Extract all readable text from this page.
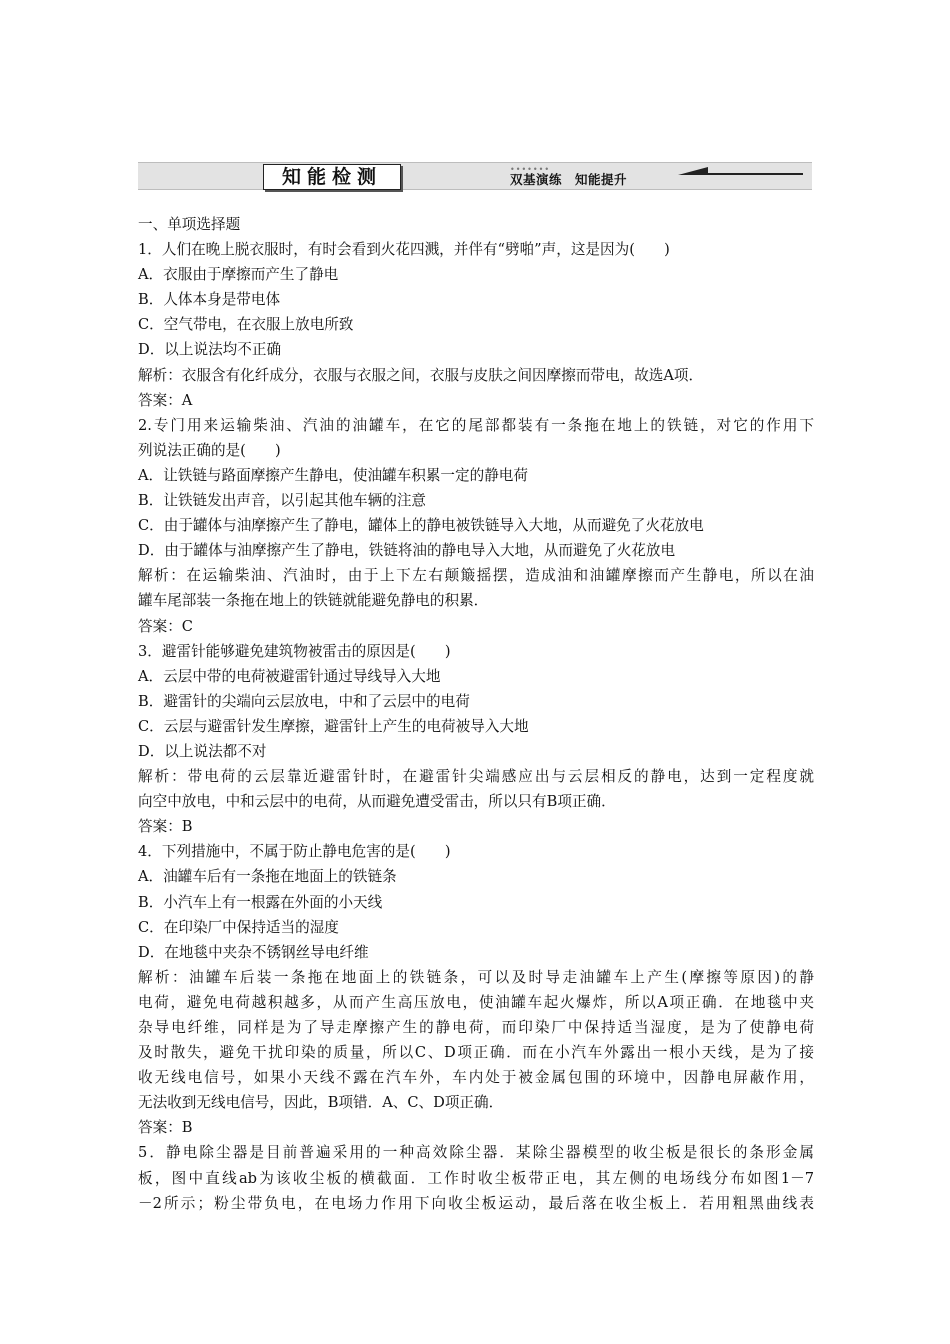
知能检测	•••••••
双基演练　知能提升
一、单项选择题
1．人们在晚上脱衣服时，有时会看到火花四溅，并伴有“劈啪”声，这是因为(　　)
A．衣服由于摩擦而产生了静电
B．人体本身是带电体
C．空气带电，在衣服上放电所致
D．以上说法均不正确
解析：衣服含有化纤成分，衣服与衣服之间，衣服与皮肤之间因摩擦而带电，故选A项．
答案：A
2.专门用来运输柴油、汽油的油罐车，在它的尾部都装有一条拖在地上的铁链，对它的作用下
列说法正确的是(　　)
A．让铁链与路面摩擦产生静电，使油罐车积累一定的静电荷
B．让铁链发出声音，以引起其他车辆的注意
C．由于罐体与油摩擦产生了静电，罐体上的静电被铁链导入大地，从而避免了火花放电
D．由于罐体与油摩擦产生了静电，铁链将油的静电导入大地，从而避免了火花放电
解析：在运输柴油、汽油时，由于上下左右颠簸摇摆，造成油和油罐摩擦而产生静电，所以在油
罐车尾部装一条拖在地上的铁链就能避免静电的积累．
答案：C
3．避雷针能够避免建筑物被雷击的原因是(　　)
A．云层中带的电荷被避雷针通过导线导入大地
B．避雷针的尖端向云层放电，中和了云层中的电荷
C．云层与避雷针发生摩擦，避雷针上产生的电荷被导入大地
D．以上说法都不对
解析：带电荷的云层靠近避雷针时，在避雷针尖端感应出与云层相反的静电，达到一定程度就
向空中放电，中和云层中的电荷，从而避免遭受雷击，所以只有B项正确．
答案：B
4．下列措施中，不属于防止静电危害的是(　　)
A．油罐车后有一条拖在地面上的铁链条
B．小汽车上有一根露在外面的小天线
C．在印染厂中保持适当的湿度
D．在地毯中夹杂不锈钢丝导电纤维
解析：油罐车后装一条拖在地面上的铁链条，可以及时导走油罐车上产生(摩擦等原因)的静
电荷，避免电荷越积越多，从而产生高压放电，使油罐车起火爆炸，所以A项正确．在地毯中夹
杂导电纤维，同样是为了导走摩擦产生的静电荷，而印染厂中保持适当湿度，是为了使静电荷
及时散失，避免干扰印染的质量，所以C、D项正确．而在小汽车外露出一根小天线，是为了接
收无线电信号，如果小天线不露在汽车外，车内处于被金属包围的环境中，因静电屏蔽作用，
无法收到无线电信号，因此，B项错．A、C、D项正确．
答案：B
5．静电除尘器是目前普遍采用的一种高效除尘器．某除尘器模型的收尘板是很长的条形金属
板，图中直线ab为该收尘板的横截面．工作时收尘板带正电，其左侧的电场线分布如图1－7
－2所示；粉尘带负电，在电场力作用下向收尘板运动，最后落在收尘板上．若用粗黑曲线表
